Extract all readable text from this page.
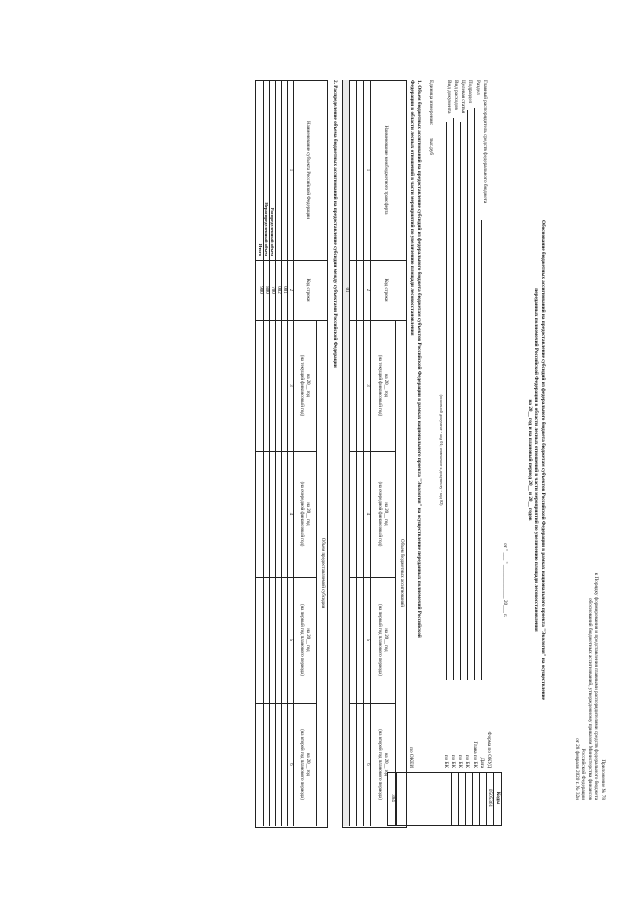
Приложение № 78
к Порядку формирования и представления главными распорядителями средств федерального бюджета
обоснований бюджетных ассигнований, утвержденному приказом Министерства финансов
Российской Федерации
от 28 февраля 2020 г. № 32н
Обоснование бюджетных ассигнований на предоставление субсидий из федерального бюджета бюджетам субъектов Российской Федерации в рамках национального проекта "Экология" на осуществление
переданных полномочий Российской Федерации в области лесных отношений в части мероприятий по увеличению площади лесовосстановления
на 20__ год и на плановый период 20__ и 20__ годов
от " ___ " _____________ 20___ г.
Форма по ОКУД
Дата
Глава по БК
по БК
по БК
по БК
по БК
по ОКЕИ
Коды
0505361
384
Главный распорядитель средств федерального бюджета
Раздел
Подраздел
Целевая статья
Вид расходов
Вид документа
(основной документ - код 01; изменение к документу - код 02)
Единица измерения:
тыс.руб
1. Объем бюджетных ассигнований на предоставление субсидий из федерального бюджета бюджетам субъектов Российской Федерации в рамках национального проекта "Экология" на осуществление переданных полномочий Российской
Федерации в области лесных отношений в части мероприятий по увеличению площади лесовосстановления
Наименование межбюджетного трансферта
Код строки
Объем бюджетных ассигнований
на 20__ год
(на текущий финансовый год)
на 20__ год
(на очередной финансовый год)
на 20__ год
(на первый год планового периода)
на 20__ год
(на второй год планового периода)
1
2
3
4
5
6
01
2. Распределение объема бюджетных ассигнований на предоставление субсидии между субъектами Российской Федерации
Наименование субъекта Российской Федерации
Код строки
Объем предоставляемой субсидии
на 20__ год
(на текущий финансовый год)
на 20__ год
(на очередной финансовый год)
на 20__ год
(на первый год планового периода)
на 20__ год
(на второй год планового периода)
1
2
3
4
5
6
001
002
Распределенный объем
700
Нераспределенный объем
800
Итого
900
